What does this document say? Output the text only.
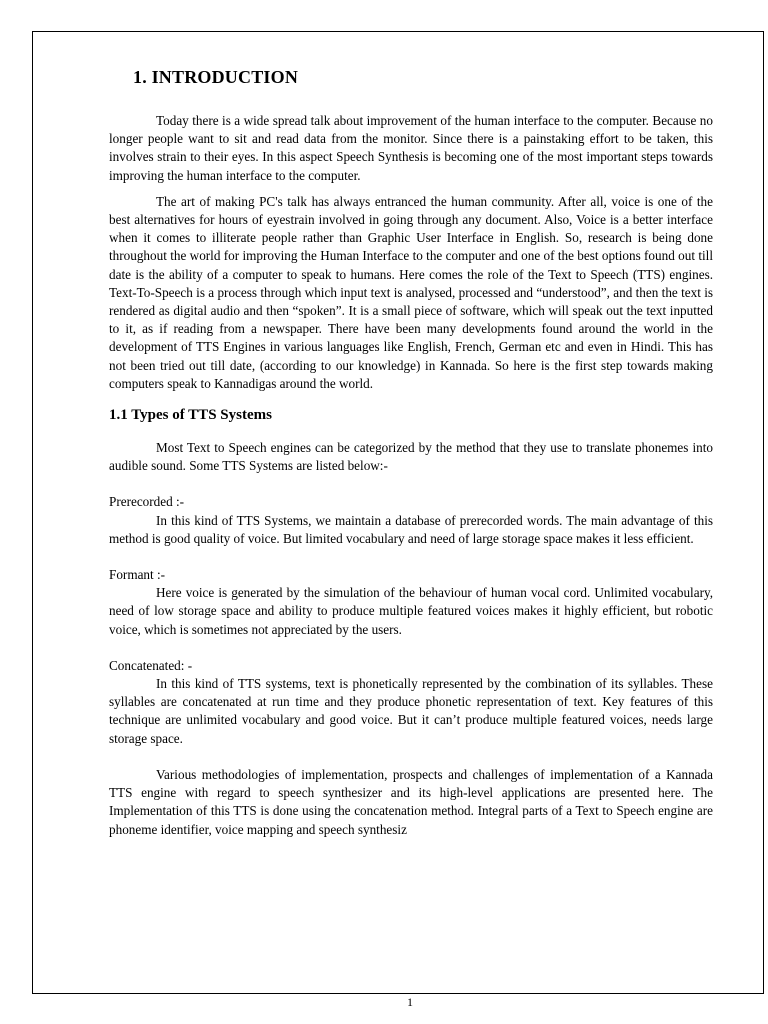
1. INTRODUCTION

Today there is a wide spread talk about improvement of the human interface to the computer. Because no longer people want to sit and read data from the monitor. Since there is a painstaking effort to be taken, this involves strain to their eyes. In this aspect Speech Synthesis is becoming one of the most important steps towards improving the human interface to the computer.

The art of making PC's talk has always entranced the human community. After all, voice is one of the best alternatives for hours of eyestrain involved in going through any document. Also, Voice is a better interface when it comes to illiterate people rather than Graphic User Interface in English. So, research is being done throughout the world for improving the Human Interface to the computer and one of the best options found out till date is the ability of a computer to speak to humans. Here comes the role of the Text to Speech (TTS) engines. Text-To-Speech is a process through which input text is analysed, processed and “understood”, and then the text is rendered as digital audio and then “spoken”. It is a small piece of software, which will speak out the text inputted to it, as if reading from a newspaper. There have been many developments found around the world in the development of TTS Engines in various languages like English, French, German etc and even in Hindi. This has not been tried out till date, (according to our knowledge) in Kannada. So here is the first step towards making computers speak to Kannadigas around the world.

1.1 Types of TTS Systems

Most Text to Speech engines can be categorized by the method that they use to translate phonemes into audible sound. Some TTS Systems are listed below:-

Prerecorded :-

In this kind of TTS Systems, we maintain a database of prerecorded words. The main advantage of this method is good quality of voice. But limited vocabulary and need of large storage space makes it less efficient.

Formant :-

Here voice is generated by the simulation of the behaviour of human vocal cord. Unlimited vocabulary, need of low storage space and ability to produce multiple featured voices makes it highly efficient, but robotic voice, which is sometimes not appreciated by the users.

Concatenated: -

In this kind of TTS systems, text is phonetically represented by the combination of its syllables. These syllables are concatenated at run time and they produce phonetic representation of text. Key features of this technique are unlimited vocabulary and good voice. But it can’t produce multiple featured voices, needs large storage space.

Various methodologies of implementation, prospects and challenges of implementation of a Kannada TTS engine with regard to speech synthesizer and its high-level applications are presented here. The Implementation of this TTS is done using the concatenation method. Integral parts of a Text to Speech engine are phoneme identifier, voice mapping and speech synthesiz

1
